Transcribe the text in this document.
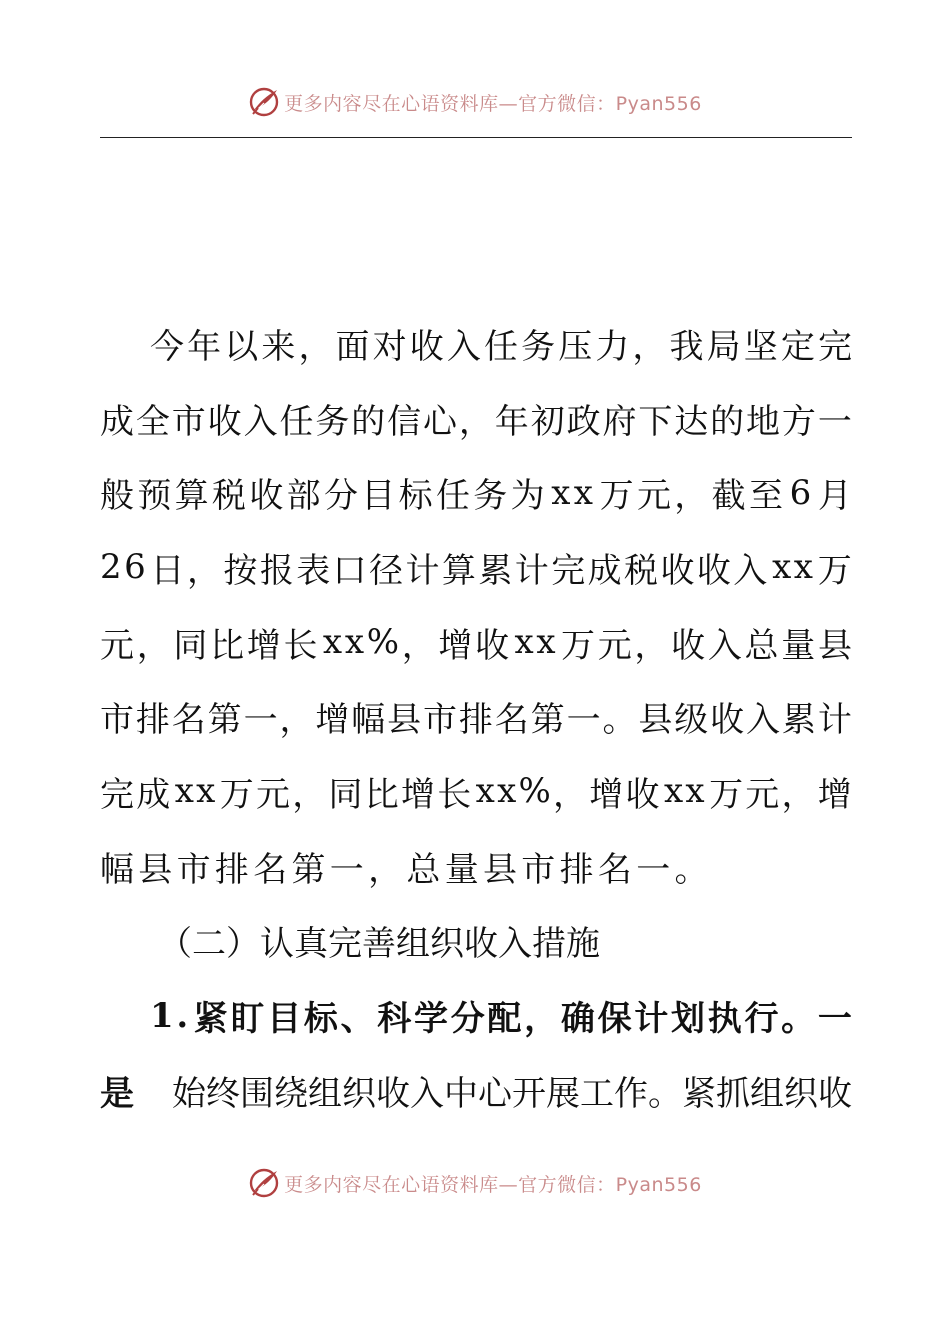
更多内容尽在心语资料库—官方微信：Pyan556
今 年 以 来 ， 面 对 收 入 任 务 压 力 ， 我 局 坚 定 完
成 全 市 收 入 任 务 的 信 心 ， 年 初 政 府 下 达 的 地 方 一
般 预 算 税 收 部 分 目 标 任 务 为 x x 万 元 ， 截 至 6 月
2 6 日 ， 按 报 表 口 径 计 算 累 计 完 成 税 收 收 入 x x 万
元 ， 同 比 增 长 x x % ， 增 收 x x 万 元 ， 收 入 总 量 县
市 排 名 第 一 ， 增 幅 县 市 排 名 第 一 。 县 级 收 入 累 计
完 成 x x 万 元 ， 同 比 增 长 x x % ， 增 收 x x 万 元 ， 增
幅县市排名第一，总量县市排名一。
（二）认真完善组织收入措施
1 . 紧 盯 目 标 、 科 学 分 配 ， 确 保 计 划 执 行 。 一
是 始终围绕组织收入中心开展工作。紧抓组织收
更多内容尽在心语资料库—官方微信：Pyan556
